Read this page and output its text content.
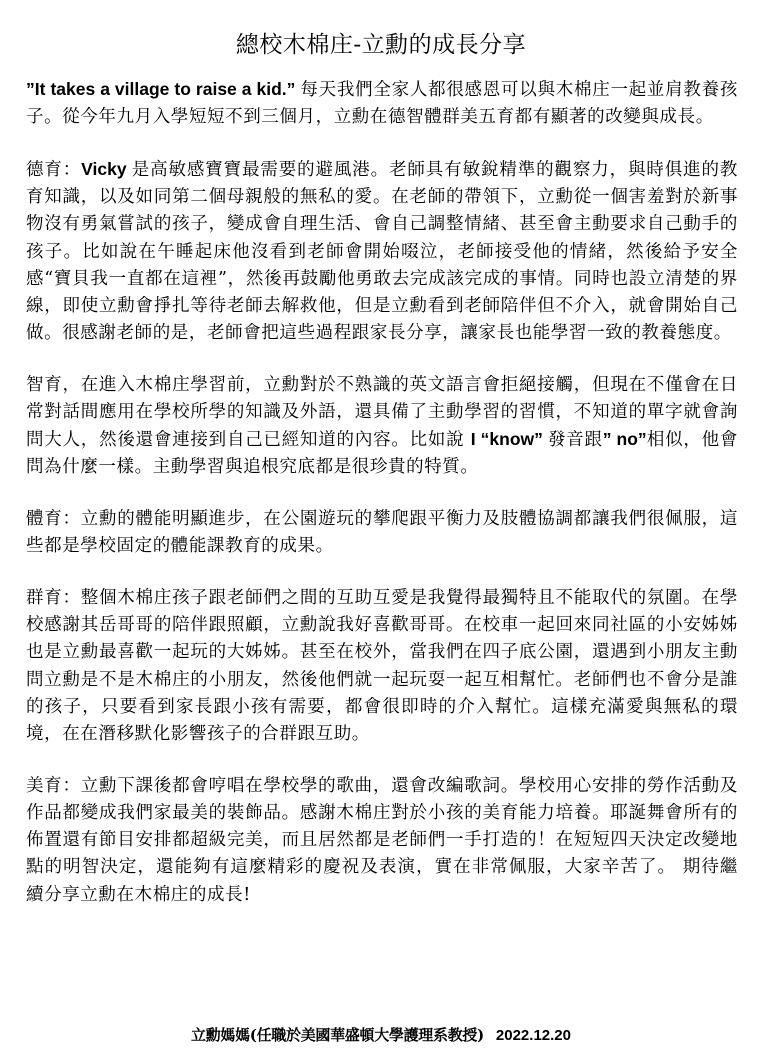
總校木棉庄-立勳的成長分享

”It takes a village to raise a kid.” 每天我們全家人都很感恩可以與木棉庄一起並肩教養孩子。從今年九月入學短短不到三個月，立勳在德智體群美五育都有顯著的改變與成長。

德育：Vicky 是高敏感寶寶最需要的避風港。老師具有敏銳精準的觀察力，與時俱進的教育知識，以及如同第二個母親般的無私的愛。在老師的帶領下，立勳從一個害羞對於新事物沒有勇氣嘗試的孩子，變成會自理生活、會自己調整情緒、甚至會主動要求自己動手的孩子。比如說在午睡起床他沒看到老師會開始啜泣，老師接受他的情緒，然後給予安全感“寶貝我一直都在這裡”，然後再鼓勵他勇敢去完成該完成的事情。同時也設立清楚的界線，即使立勳會掙扎等待老師去解救他，但是立勳看到老師陪伴但不介入，就會開始自己做。很感謝老師的是，老師會把這些過程跟家長分享，讓家長也能學習一致的教養態度。

智育，在進入木棉庄學習前，立勳對於不熟識的英文語言會拒絕接觸，但現在不僅會在日常對話間應用在學校所學的知識及外語，還具備了主動學習的習慣，不知道的單字就會詢問大人，然後還會連接到自己已經知道的內容。比如說 I “know” 發音跟” no”相似，他會問為什麼一樣。主動學習與追根究底都是很珍貴的特質。

體育：立勳的體能明顯進步，在公園遊玩的攀爬跟平衡力及肢體協調都讓我們很佩服，這些都是學校固定的體能課教育的成果。

群育：整個木棉庄孩子跟老師們之間的互助互愛是我覺得最獨特且不能取代的氛圍。在學校感謝其岳哥哥的陪伴跟照顧，立勳說我好喜歡哥哥。在校車一起回來同社區的小安姊姊也是立勳最喜歡一起玩的大姊姊。甚至在校外，當我們在四子底公園，還遇到小朋友主動問立勳是不是木棉庄的小朋友，然後他們就一起玩耍一起互相幫忙。老師們也不會分是誰的孩子，只要看到家長跟小孩有需要，都會很即時的介入幫忙。這樣充滿愛與無私的環境，在在潛移默化影響孩子的合群跟互助。

美育：立勳下課後都會哼唱在學校學的歌曲，還會改編歌詞。學校用心安排的勞作活動及作品都變成我們家最美的裝飾品。感謝木棉庄對於小孩的美育能力培養。耶誕舞會所有的佈置還有節目安排都超級完美，而且居然都是老師們一手打造的！在短短四天決定改變地點的明智決定，還能夠有這麼精彩的慶祝及表演，實在非常佩服，大家辛苦了。 期待繼續分享立勳在木棉庄的成長!

立勳媽媽(任職於美國華盛頓大學護理系教授) 2022.12.20
